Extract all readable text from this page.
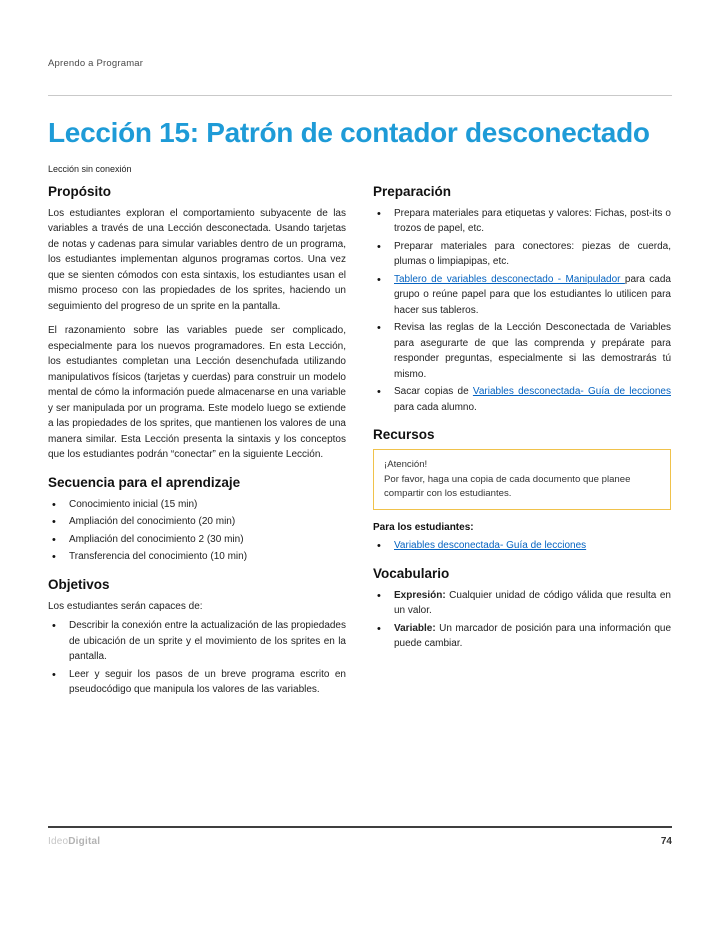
Aprendo a Programar
Lección 15: Patrón de contador desconectado
Lección sin conexión
Propósito

Los estudiantes exploran el comportamiento subyacente de las variables a través de una Lección desconectada. Usando tarjetas de notas y cadenas para simular variables dentro de un programa, los estudiantes implementan algunos programas cortos. Una vez que se sienten cómodos con esta sintaxis, los estudiantes usan el mismo proceso con las propiedades de los sprites, haciendo un seguimiento del progreso de un sprite en la pantalla.

El razonamiento sobre las variables puede ser complicado, especialmente para los nuevos programadores. En esta Lección, los estudiantes completan una Lección desenchufada utilizando manipulativos físicos (tarjetas y cuerdas) para construir un modelo mental de cómo la información puede almacenarse en una variable y ser manipulada por un programa. Este modelo luego se extiende a las propiedades de los sprites, que mantienen los valores de una manera similar. Esta Lección presenta la sintaxis y los conceptos que los estudiantes podrán “conectar” en la siguiente Lección.

Secuencia para el aprendizaje
• Conocimiento inicial (15 min)
• Ampliación del conocimiento (20 min)
• Ampliación del conocimiento 2 (30 min)
• Transferencia del conocimiento (10 min)
Objetivos

Los estudiantes serán capaces de:

• Describir la conexión entre la actualización de las propiedades de ubicación de un sprite y el movimiento de los sprites en la pantalla.
• Leer y seguir los pasos de un breve programa escrito en pseudocódigo que manipula los valores de las variables.
Preparación
• Prepara materiales para etiquetas y valores: Fichas, post-its o trozos de papel, etc.
• Preparar materiales para conectores: piezas de cuerda, plumas o limpiapipas, etc.
• Tablero de variables desconectado - Manipulador para cada grupo o reúne papel para que los estudiantes lo utilicen para hacer sus tableros.
• Revisa las reglas de la Lección Desconectada de Variables para asegurarte de que las comprenda y prepárate para responder preguntas, especialmente si las demostrarás tú mismo.
• Sacar copias de Variables desconectada- Guía de lecciones para cada alumno.
Recursos
¡Atención!
Por favor, haga una copia de cada documento que planee compartir con los estudiantes.
Para los estudiantes:
• Variables desconectada- Guía de lecciones
Vocabulario
• Expresión: Cualquier unidad de código válida que resulta en un valor.
• Variable: Un marcador de posición para una información que puede cambiar.
IdeoDigital	74
